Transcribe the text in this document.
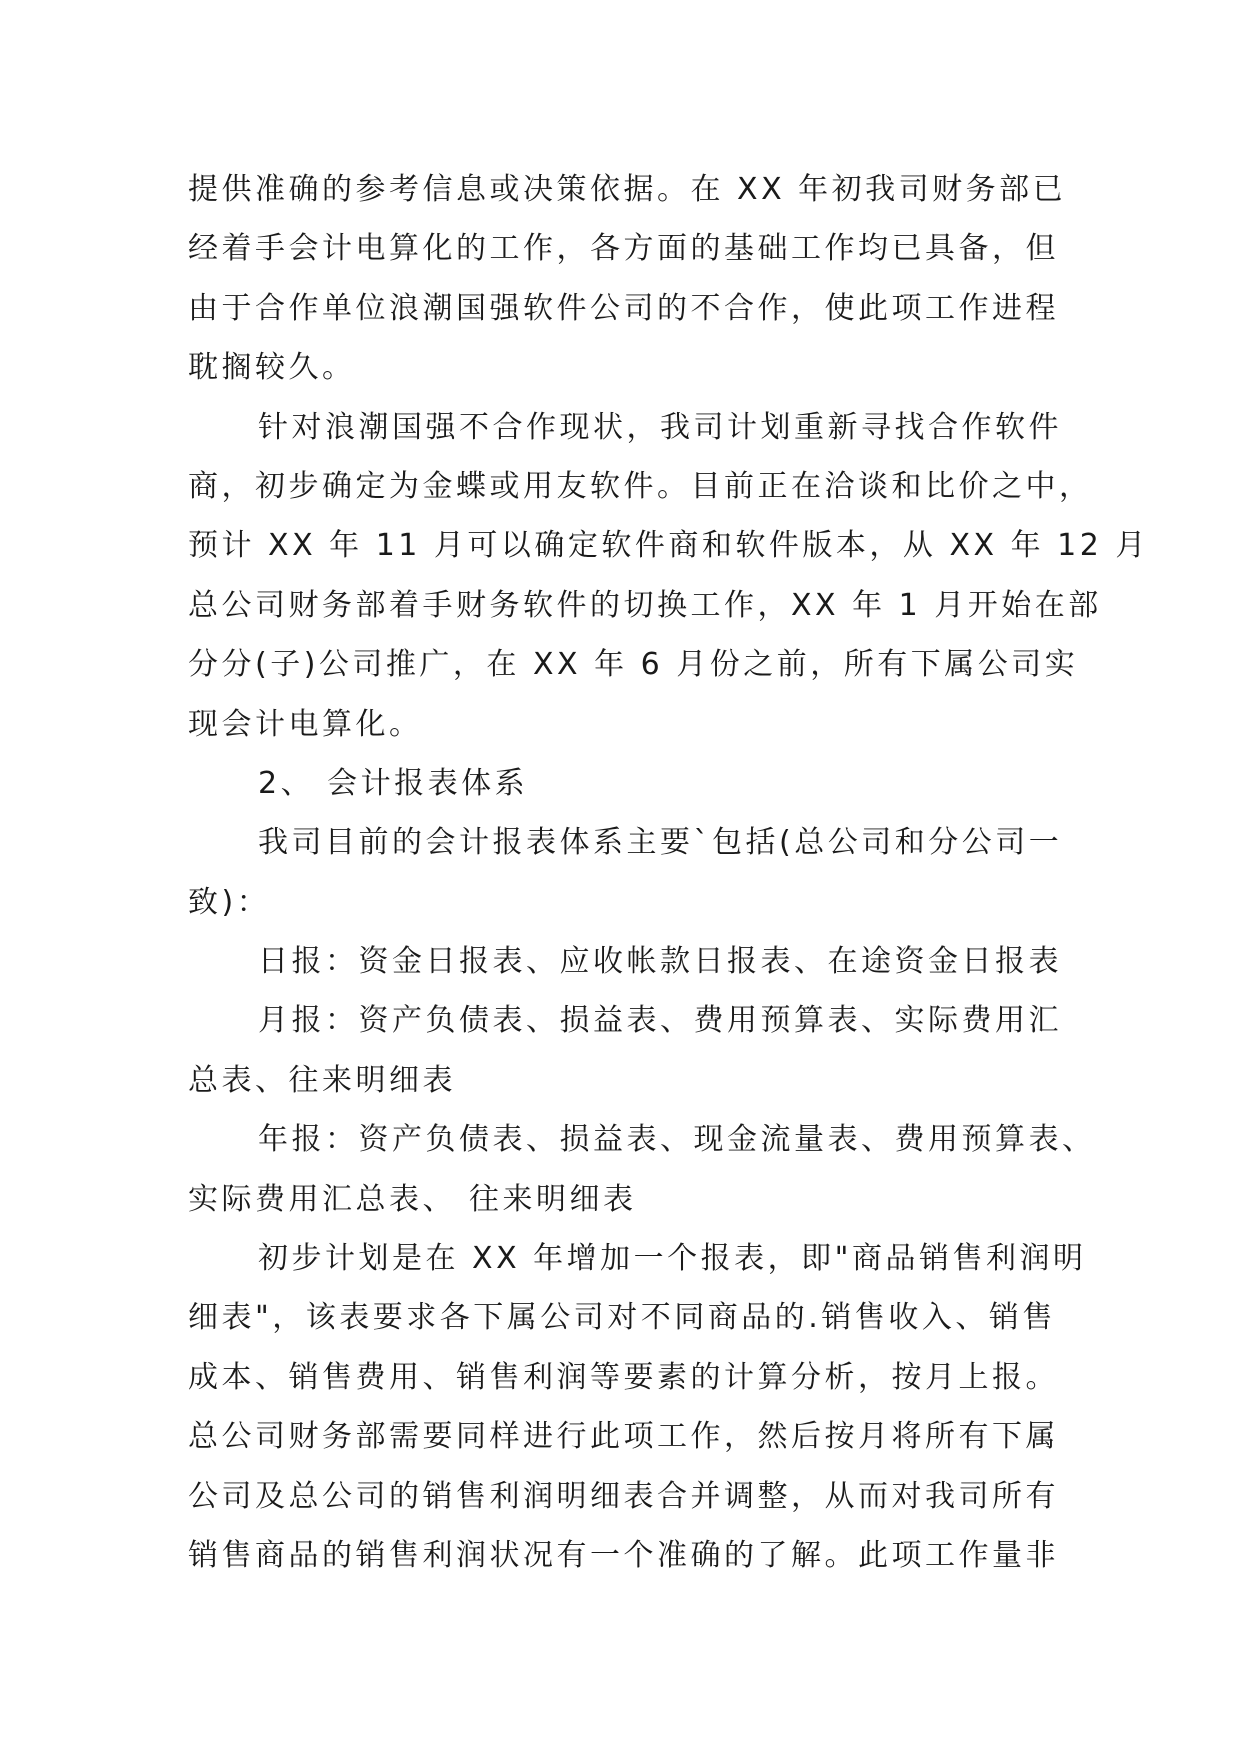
提供准确的参考信息或决策依据。在 XX 年初我司财务部已
经着手会计电算化的工作，各方面的基础工作均已具备，但
由于合作单位浪潮国强软件公司的不合作，使此项工作进程
耽搁较久。
针对浪潮国强不合作现状，我司计划重新寻找合作软件
商，初步确定为金蝶或用友软件。目前正在洽谈和比价之中，
预计 XX 年 11 月可以确定软件商和软件版本，从 XX 年 12 月
总公司财务部着手财务软件的切换工作，XX 年 1 月开始在部
分分(子)公司推广，在 XX 年 6 月份之前，所有下属公司实
现会计电算化。
2、 会计报表体系
我司目前的会计报表体系主要`包括(总公司和分公司一
致)：
日报：资金日报表、应收帐款日报表、在途资金日报表
月报：资产负债表、损益表、费用预算表、实际费用汇
总表、往来明细表
年报：资产负债表、损益表、现金流量表、费用预算表、
实际费用汇总表、 往来明细表
初步计划是在 XX 年增加一个报表，即"商品销售利润明
细表"，该表要求各下属公司对不同商品的.销售收入、销售
成本、销售费用、销售利润等要素的计算分析，按月上报。
总公司财务部需要同样进行此项工作，然后按月将所有下属
公司及总公司的销售利润明细表合并调整，从而对我司所有
销售商品的销售利润状况有一个准确的了解。此项工作量非
